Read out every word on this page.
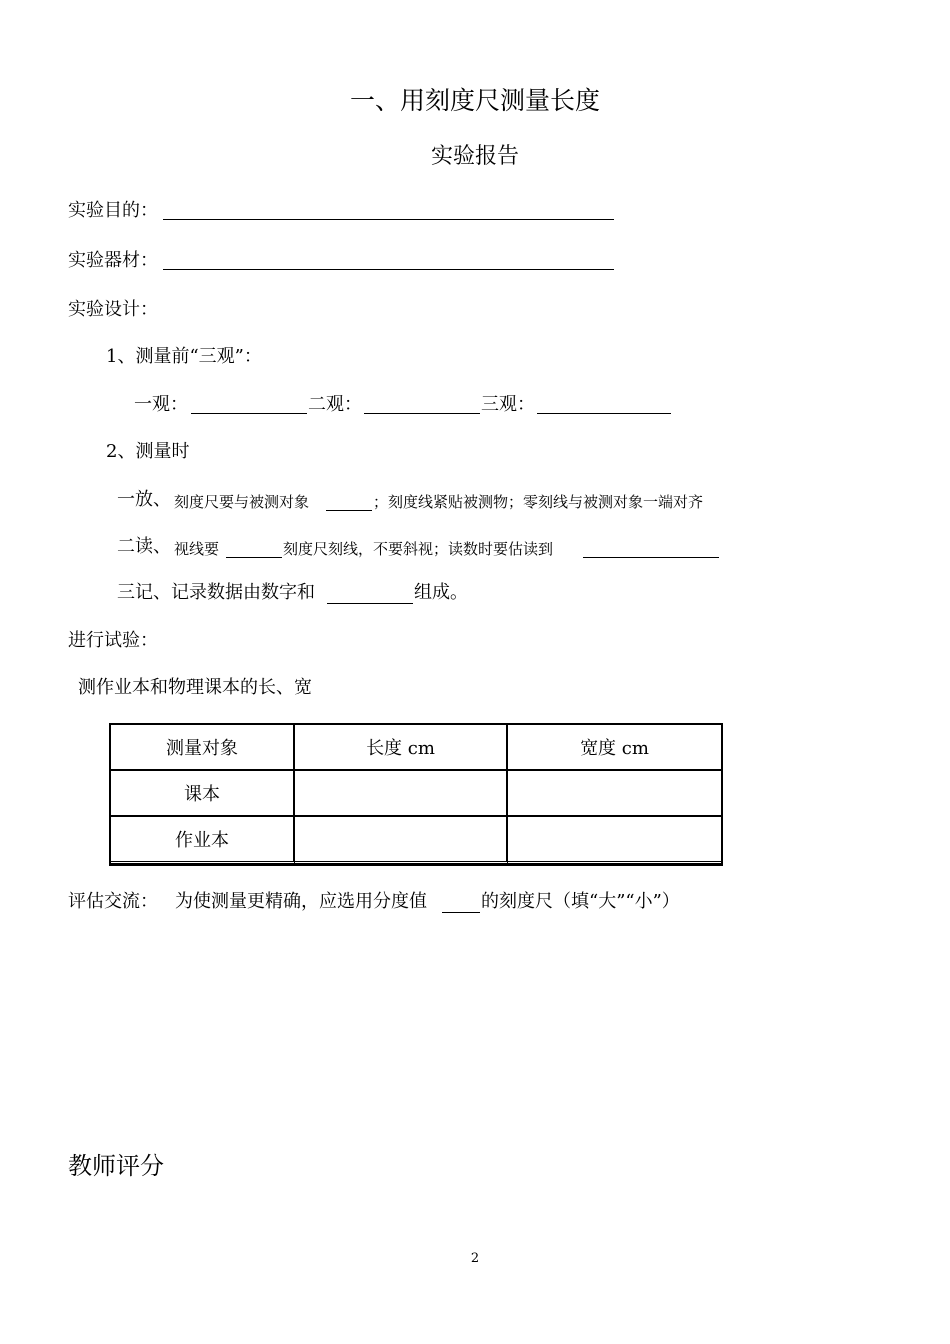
一、用刻度尺测量长度
实验报告
实验目的：
实验器材：
实验设计：
1、测量前“三观”：
一观：	二观：	三观：
2、测量时
一放、 刻度尺要与被测对象	；刻度线紧贴被测物；零刻线与被测对象一端对齐
二读、 视线要	刻度尺刻线，不要斜视；读数时要估读到
三记、记录数据由数字和	组成。
进行试验：
测作业本和物理课本的长、宽
测量对象	长度 cm	宽度 cm
课本		
作业本		
评估交流： 为使测量更精确，应选用分度值	的刻度尺（填“大”“小”）
教师评分
2
